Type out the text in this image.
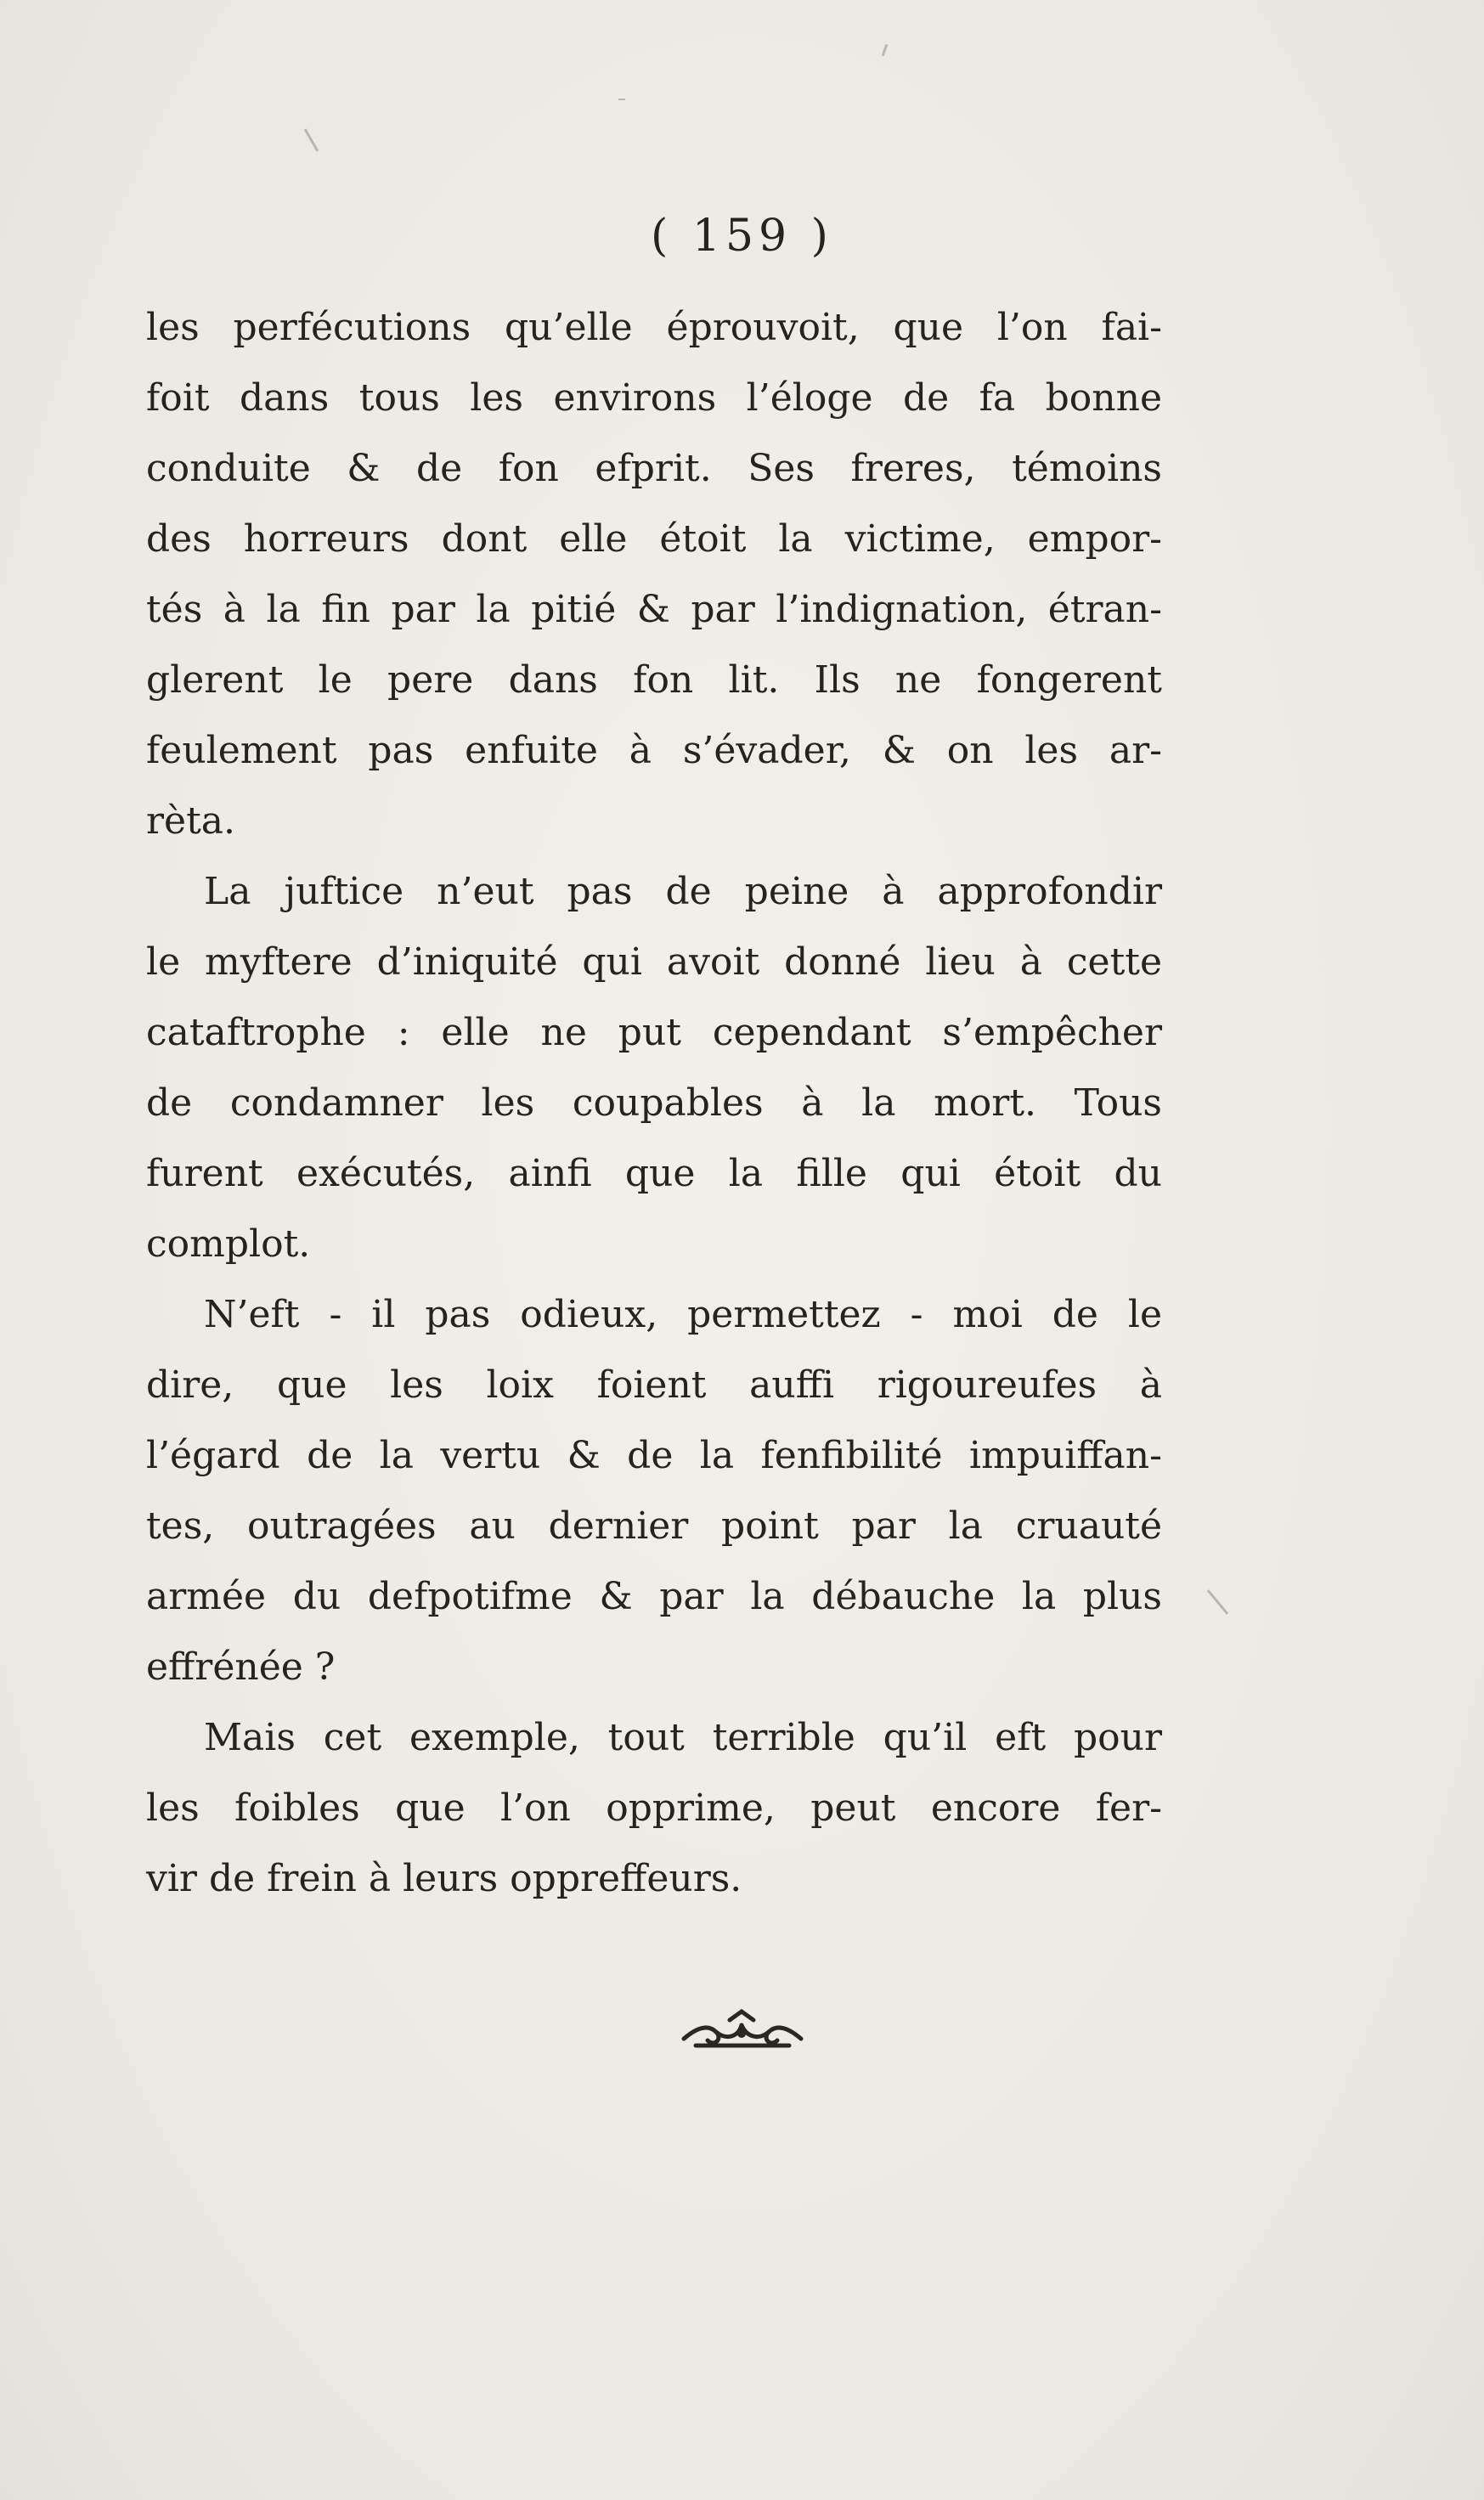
( 159 )
les perfécutions qu’elle éprouvoit, que l’on fai-
foit dans tous les environs l’éloge de fa bonne
conduite & de fon efprit. Ses freres, témoins
des horreurs dont elle étoit la victime, empor-
tés à la fin par la pitié & par l’indignation, étran-
glerent le pere dans fon lit. Ils ne fongerent
feulement pas enfuite à s’évader, & on les ar-
rèta.
La juftice n’eut pas de peine à approfondir
le myftere d’iniquité qui avoit donné lieu à cette
cataftrophe : elle ne put cependant s’empêcher
de condamner les coupables à la mort. Tous
furent exécutés, ainfi que la fille qui étoit du
complot.
N’eft - il pas odieux, permettez - moi de le
dire, que les loix foient auffi rigoureufes à
l’égard de la vertu & de la fenfibilité impuiffan-
tes, outragées au dernier point par la cruauté
armée du defpotifme & par la débauche la plus
effrénée ?
Mais cet exemple, tout terrible qu’il eft pour
les foibles que l’on opprime, peut encore fer-
vir de frein à leurs oppreffeurs.
